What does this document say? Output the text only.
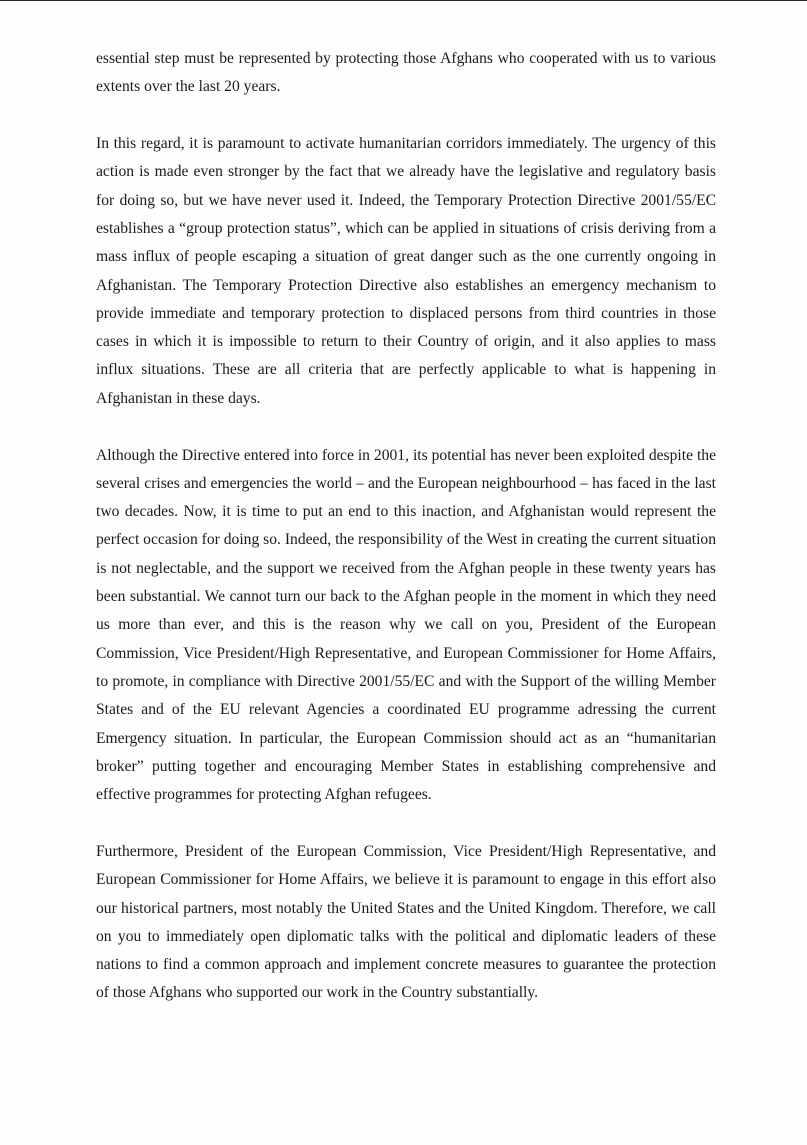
essential step must be represented by protecting those Afghans who cooperated with us to various extents over the last 20 years.

In this regard, it is paramount to activate humanitarian corridors immediately. The urgency of this action is made even stronger by the fact that we already have the legislative and regulatory basis for doing so, but we have never used it. Indeed, the Temporary Protection Directive 2001/55/EC establishes a “group protection status”, which can be applied in situations of crisis deriving from a mass influx of people escaping a situation of great danger such as the one currently ongoing in Afghanistan. The Temporary Protection Directive also establishes an emergency mechanism to provide immediate and temporary protection to displaced persons from third countries in those cases in which it is impossible to return to their Country of origin, and it also applies to mass influx situations. These are all criteria that are perfectly applicable to what is happening in Afghanistan in these days.

Although the Directive entered into force in 2001, its potential has never been exploited despite the several crises and emergencies the world – and the European neighbourhood – has faced in the last two decades. Now, it is time to put an end to this inaction, and Afghanistan would represent the perfect occasion for doing so. Indeed, the responsibility of the West in creating the current situation is not neglectable, and the support we received from the Afghan people in these twenty years has been substantial. We cannot turn our back to the Afghan people in the moment in which they need us more than ever, and this is the reason why we call on you, President of the European Commission, Vice President/High Representative, and European Commissioner for Home Affairs, to promote, in compliance with Directive 2001/55/EC and with the Support of the willing Member States and of the EU relevant Agencies a coordinated EU programme adressing the current Emergency situation. In particular, the European Commission should act as an “humanitarian broker” putting together and encouraging Member States in establishing comprehensive and effective programmes for protecting Afghan refugees.

Furthermore, President of the European Commission, Vice President/High Representative, and European Commissioner for Home Affairs, we believe it is paramount to engage in this effort also our historical partners, most notably the United States and the United Kingdom. Therefore, we call on you to immediately open diplomatic talks with the political and diplomatic leaders of these nations to find a common approach and implement concrete measures to guarantee the protection of those Afghans who supported our work in the Country substantially.
